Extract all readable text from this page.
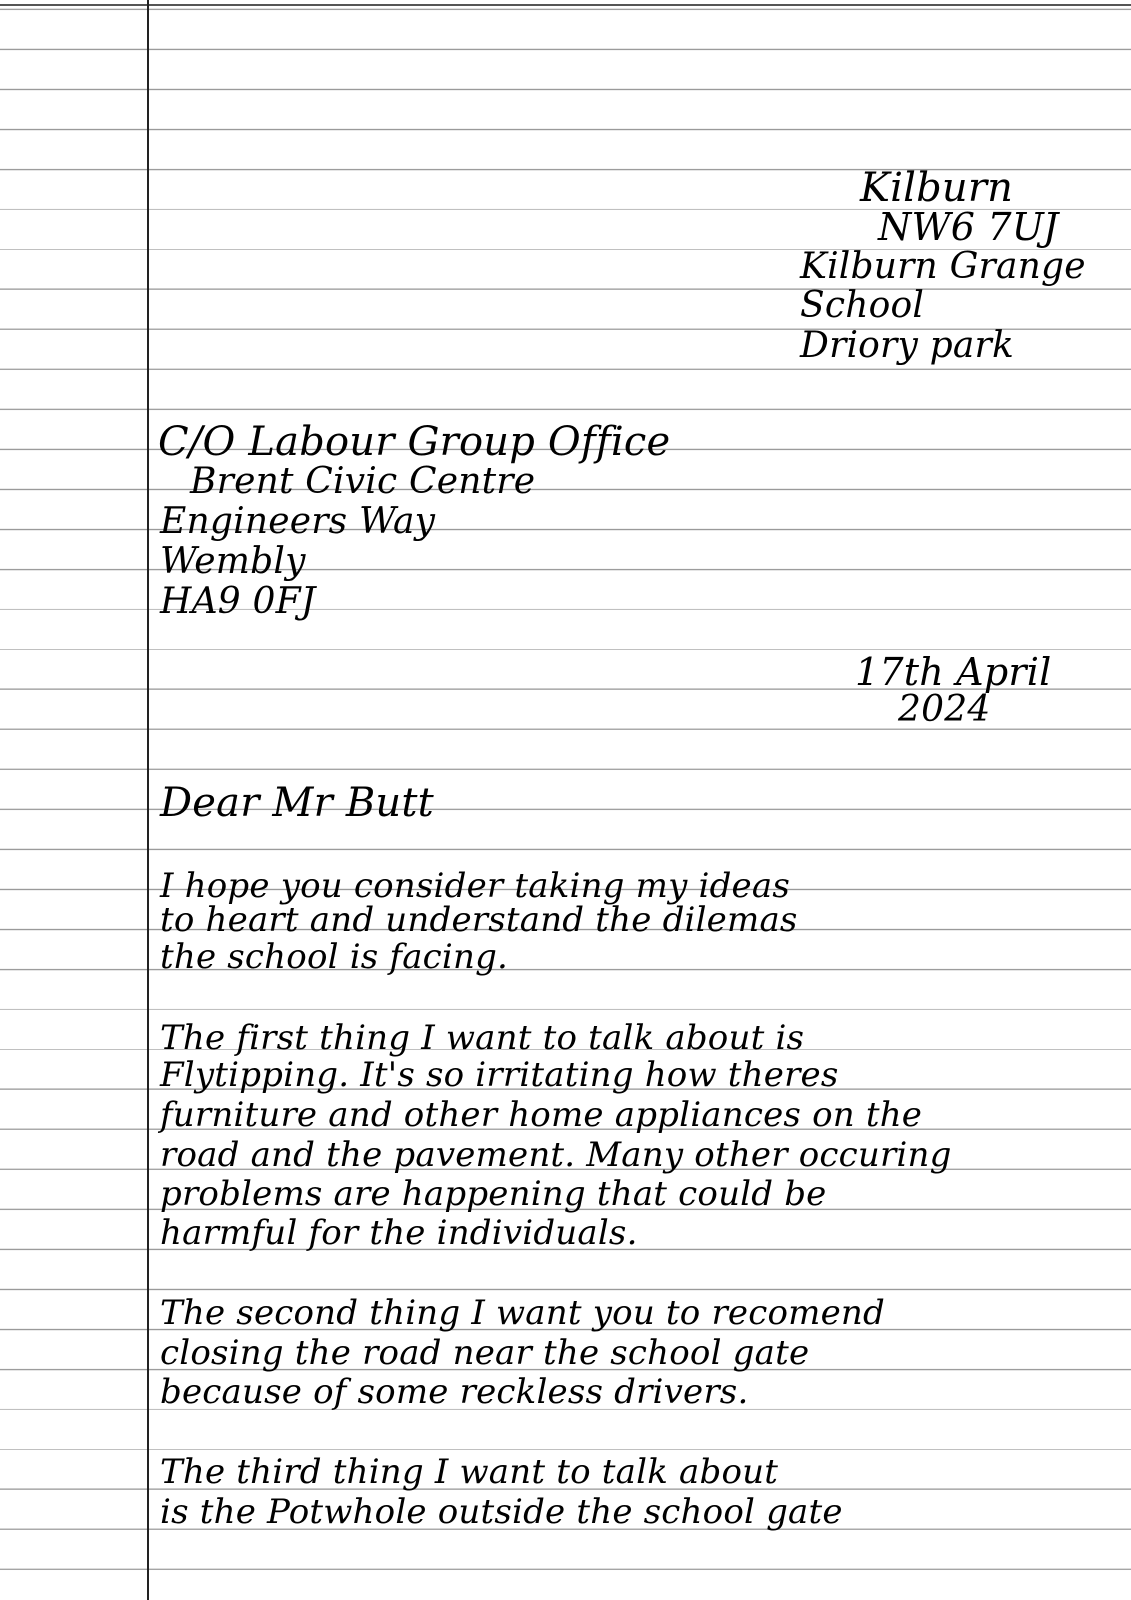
Kilburn

NW6 7UJ

Kilburn Grange

School

Driory park

C/O Labour Group Office

Brent Civic Centre

Engineers Way

Wembly

HA9 0FJ

17th April

2024

Dear Mr Butt

I hope you consider taking my ideas

to heart and understand the dilemas

the school is facing.

The first thing I want to talk about is

Flytipping. It's so irritating how theres

furniture and other home appliances on the

road and the pavement. Many other occuring

problems are happening that could be

harmful for the individuals.

The second thing I want you to recomend

closing the road near the school gate

because of some reckless drivers.

The third thing I want to talk about

is the Potwhole outside the school gate
